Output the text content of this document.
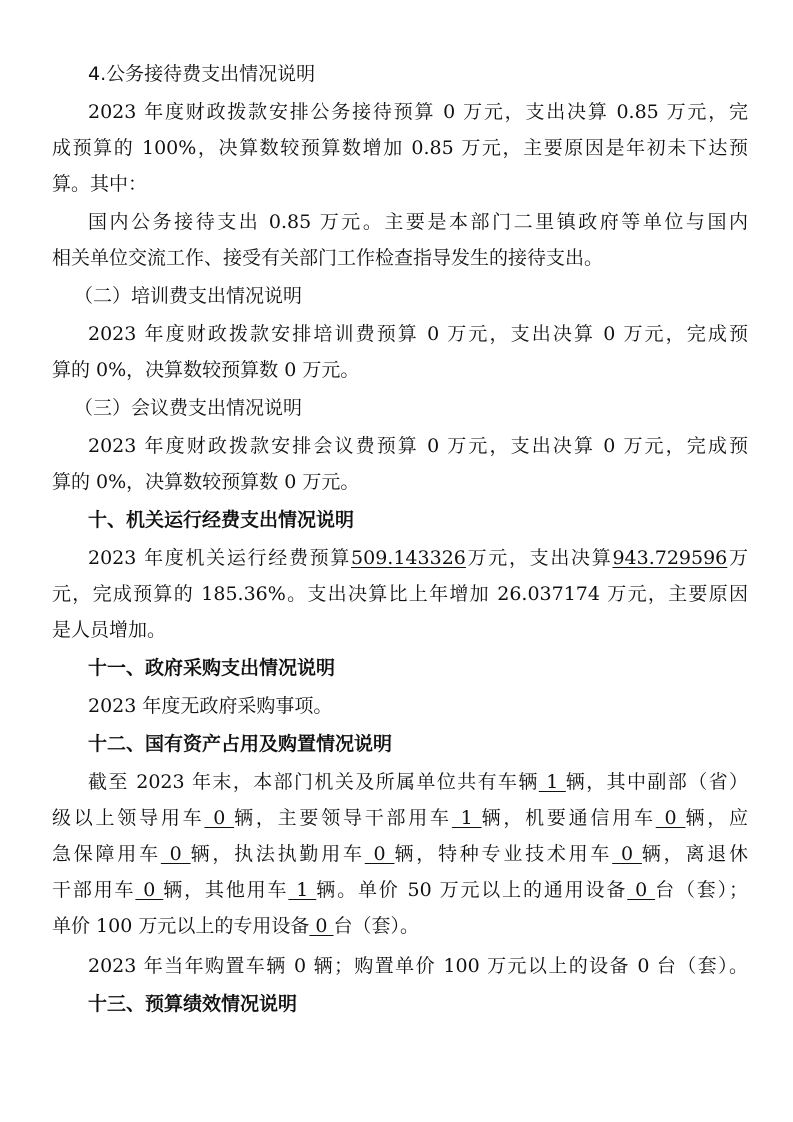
4.公务接待费支出情况说明
2023 年度财政拨款安排公务接待预算 0 万元，支出决算 0.85 万元，完
成预算的 100%，决算数较预算数增加 0.85 万元，主要原因是年初未下达预
算。其中：
国内公务接待支出 0.85 万元。主要是本部门二里镇政府等单位与国内
相关单位交流工作、接受有关部门工作检查指导发生的接待支出。
（二）培训费支出情况说明
2023 年度财政拨款安排培训费预算 0 万元，支出决算 0 万元，完成预
算的 0%，决算数较预算数 0 万元。
（三）会议费支出情况说明
2023 年度财政拨款安排会议费预算 0 万元，支出决算 0 万元，完成预
算的 0%，决算数较预算数 0 万元。
十、机关运行经费支出情况说明
2023 年度机关运行经费预算509.143326万元，支出决算943.729596万
元，完成预算的 185.36%。支出决算比上年增加 26.037174 万元，主要原因
是人员增加。
十一、政府采购支出情况说明
2023 年度无政府采购事项。
十二、国有资产占用及购置情况说明
截至 2023 年末，本部门机关及所属单位共有车辆 1 辆，其中副部（省）
级以上领导用车 0 辆，主要领导干部用车 1 辆，机要通信用车 0 辆，应
急保障用车 0 辆，执法执勤用车 0 辆，特种专业技术用车 0 辆，离退休
干部用车 0 辆，其他用车 1 辆。单价 50 万元以上的通用设备 0 台（套）；
单价 100 万元以上的专用设备 0 台（套）。
2023 年当年购置车辆 0 辆；购置单价 100 万元以上的设备 0 台（套）。
十三、预算绩效情况说明
